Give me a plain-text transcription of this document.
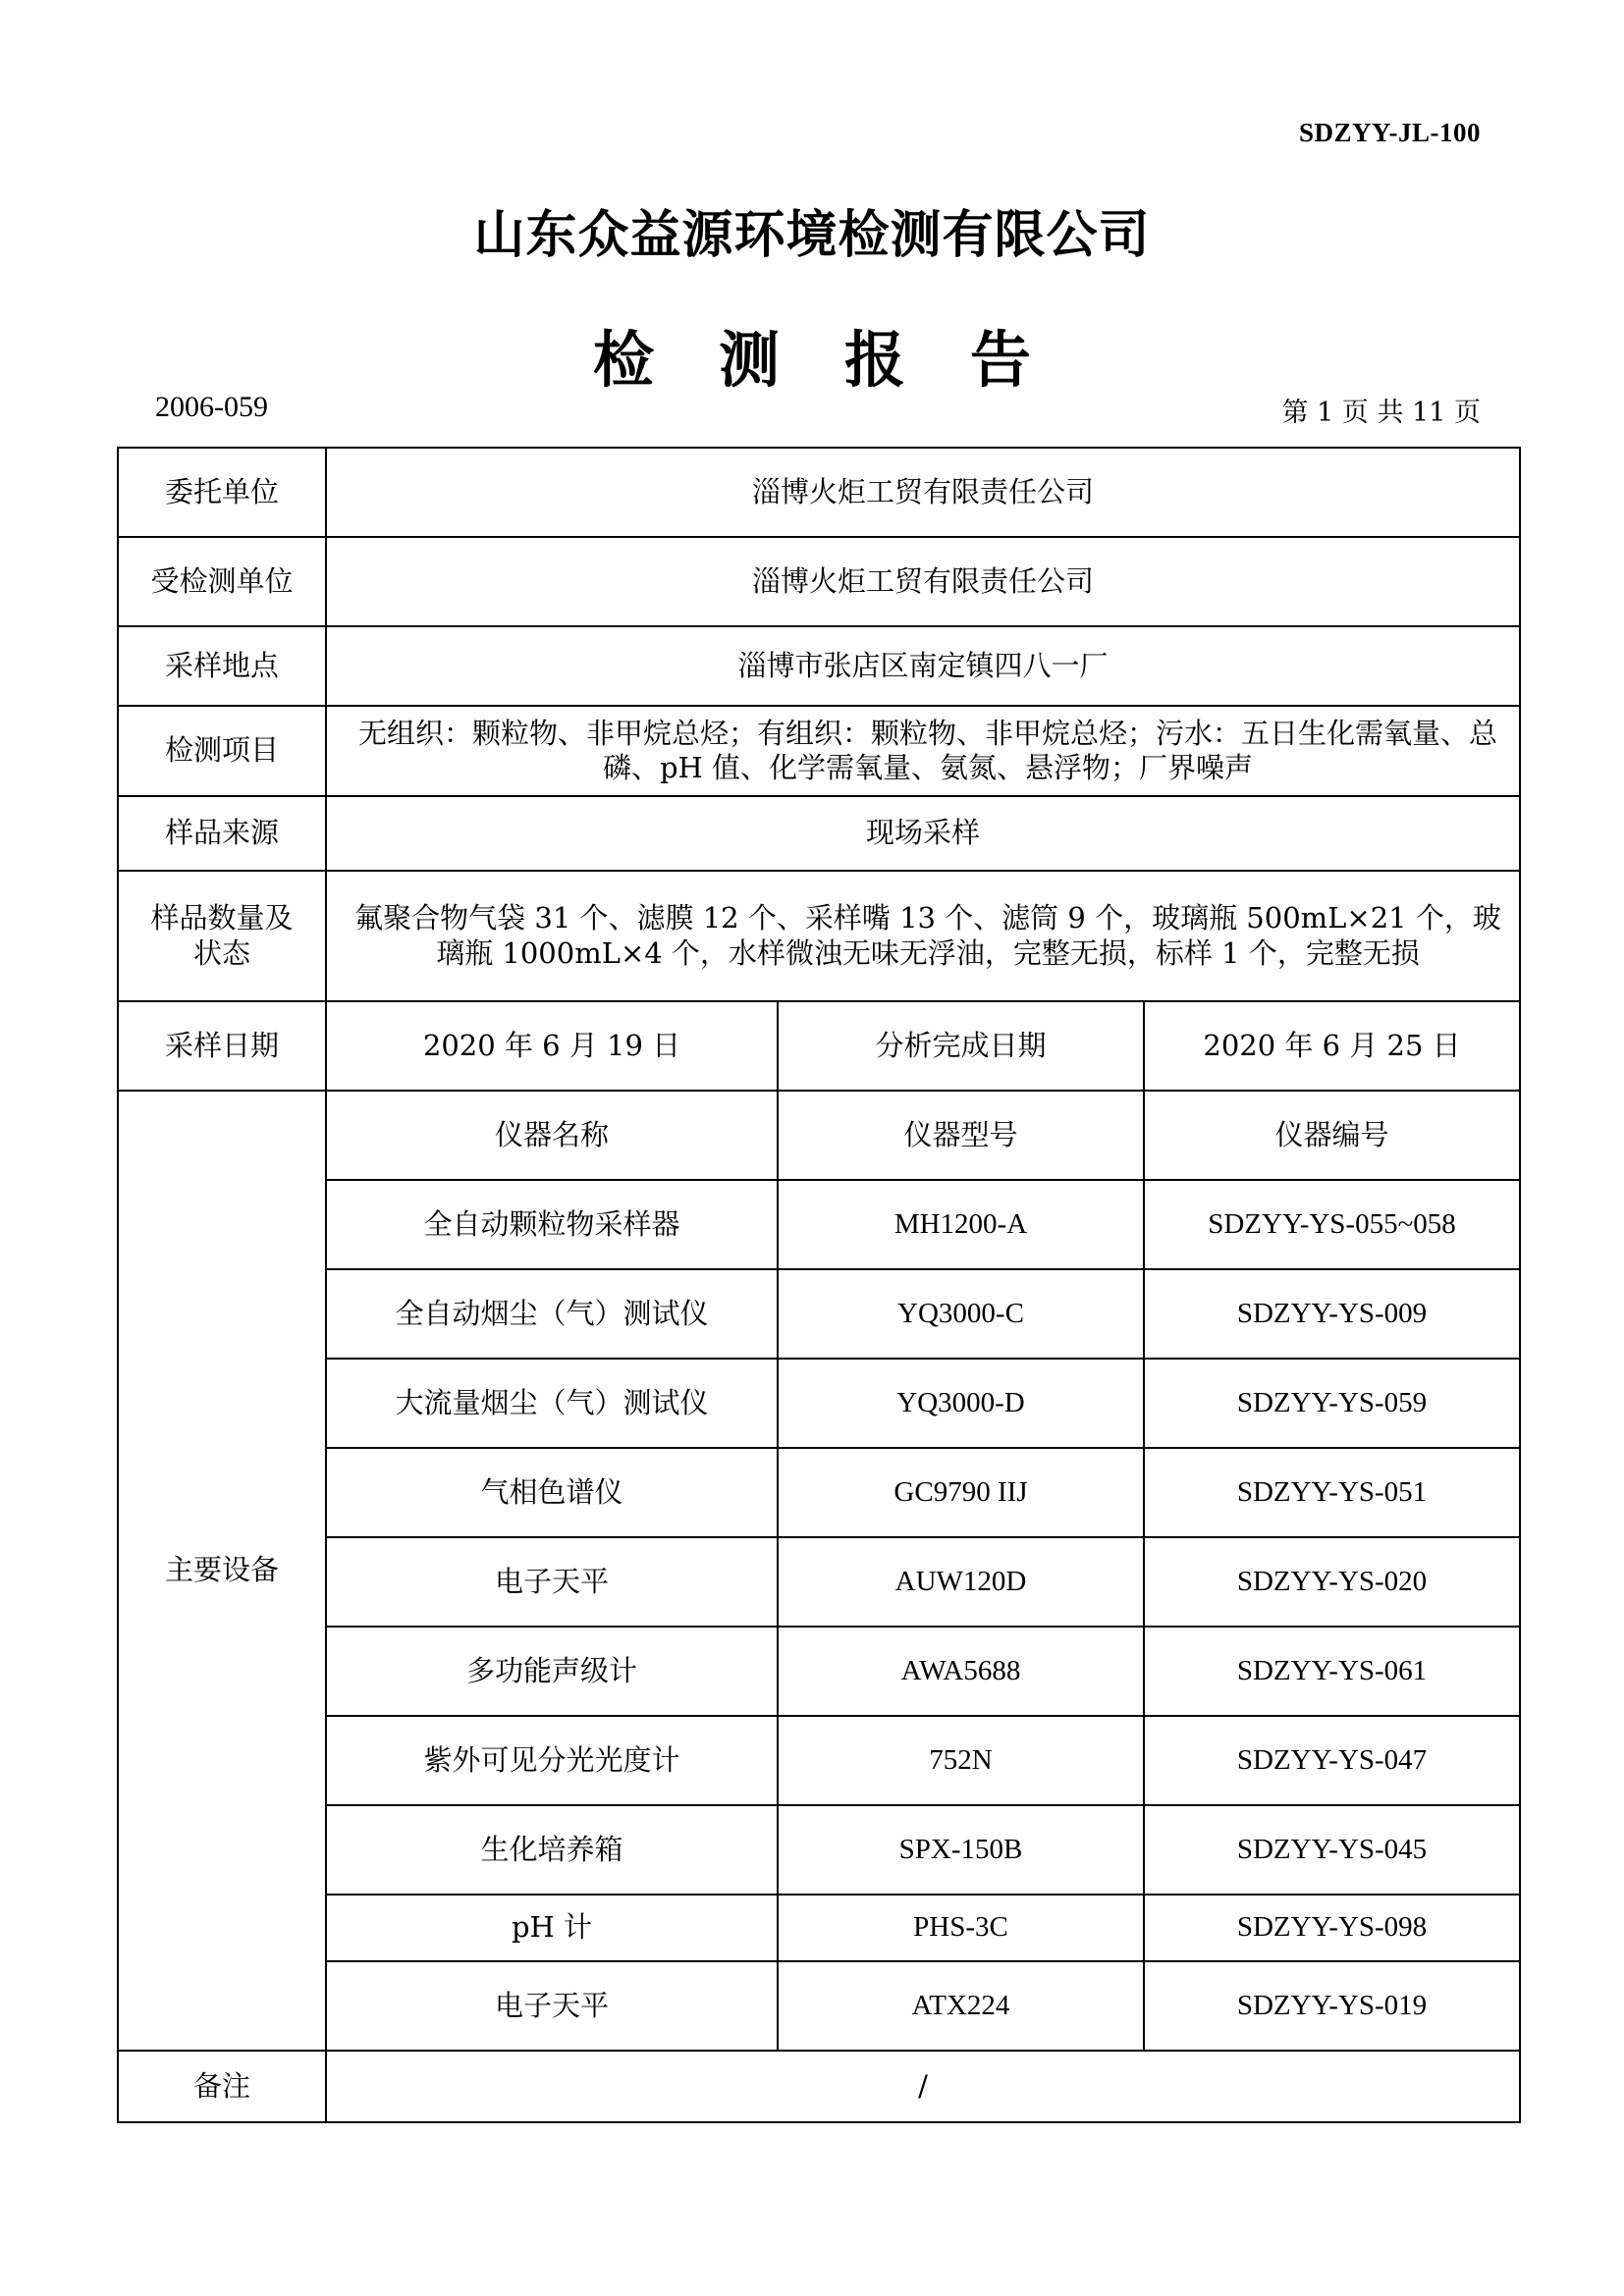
SDZYY-JL-100
山东众益源环境检测有限公司
检测报告
2006-059	第 1 页 共 11 页
委托单位	淄博火炬工贸有限责任公司		
受检测单位	淄博火炬工贸有限责任公司		
采样地点	淄博市张店区南定镇四八一厂		
检测项目	无组织：颗粒物、非甲烷总烃；有组织：颗粒物、非甲烷总烃；污水：五日生化需氧量、总磷、pH 值、化学需氧量、氨氮、悬浮物；厂界噪声		
样品来源	现场采样		
样品数量及状态	氟聚合物气袋 31 个、滤膜 12 个、采样嘴 13 个、滤筒 9 个，玻璃瓶 500mL×21 个，玻璃瓶 1000mL×4 个，水样微浊无味无浮油，完整无损，标样 1 个，完整无损		
采样日期	2020 年 6 月 19 日	分析完成日期	2020 年 6 月 25 日
主要设备	仪器名称	仪器型号	仪器编号
	全自动颗粒物采样器	MH1200-A	SDZYY-YS-055~058
	全自动烟尘（气）测试仪	YQ3000-C	SDZYY-YS-009
	大流量烟尘（气）测试仪	YQ3000-D	SDZYY-YS-059
	气相色谱仪	GC9790 IIJ	SDZYY-YS-051
	电子天平	AUW120D	SDZYY-YS-020
	多功能声级计	AWA5688	SDZYY-YS-061
	紫外可见分光光度计	752N	SDZYY-YS-047
	生化培养箱	SPX-150B	SDZYY-YS-045
	pH 计	PHS-3C	SDZYY-YS-098
	电子天平	ATX224	SDZYY-YS-019
备注	/		
